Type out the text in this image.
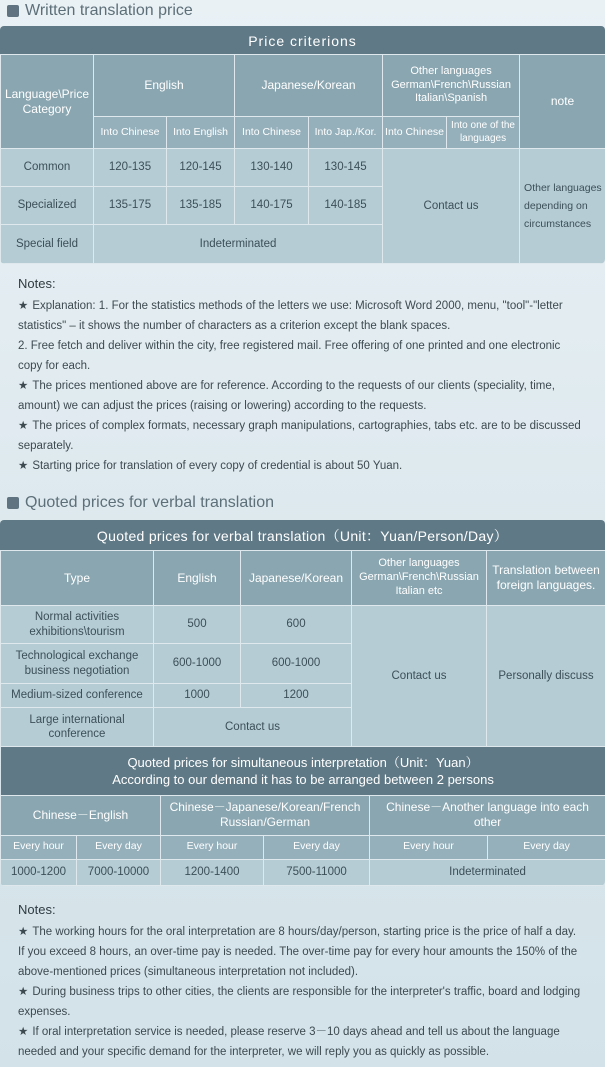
Written translation price
Price criterions
Language\Price Category	English		Japanese/Korean		Other languages German\French\Russian Italian\Spanish		note
	Into Chinese	Into English	Into Chinese	Into Jap./Kor.	Into Chinese	Into one of the languages	
Common	120-135	120-145	130-140	130-145	Contact us		Other languages depending on circumstances
Specialized	135-175	135-185	140-175	140-185			
Special field	Indeterminated						
Notes:

★ Explanation: 1. For the statistics methods of the letters we use: Microsoft Word 2000, menu, "tool"-"letter statistics" – it shows the number of characters as a criterion except the blank spaces.

2. Free fetch and deliver within the city, free registered mail. Free offering of one printed and one electronic copy for each.

★ The prices mentioned above are for reference. According to the requests of our clients (speciality, time, amount) we can adjust the prices (raising or lowering) according to the requests.

★ The prices of complex formats, necessary graph manipulations, cartographies, tabs etc. are to be discussed separately.

★ Starting price for translation of every copy of credential is about 50 Yuan.

Quoted prices for verbal translation
Quoted prices for verbal translation（Unit：Yuan/Person/Day）
Type	English	Japanese/Korean	Other languages German\French\Russian Italian etc	Translation between foreign languages.
Normal activities exhibitions\tourism	500	600	Contact us	Personally discuss
Technological exchange business negotiation	600-1000	600-1000		
Medium-sized conference	1000	1200		
Large international conference	Contact us			
Quoted prices for simultaneous interpretation（Unit：Yuan）
According to our demand it has to be arranged between 2 persons					

Chinese－English		Chinese－Japanese/Korean/French Russian/German		Chinese－Another language into each other	
Every hour	Every day	Every hour	Every day	Every hour	Every day
1000-1200	7000-10000	1200-1400	7500-11000	Indeterminated	
Notes:

★ The working hours for the oral interpretation are 8 hours/day/person, starting price is the price of half a day. If you exceed 8 hours, an over-time pay is needed. The over-time pay for every hour amounts the 150% of the above-mentioned prices (simultaneous interpretation not included).

★ During business trips to other cities, the clients are responsible for the interpreter's traffic, board and lodging expenses.

★ If oral interpretation service is needed, please reserve 3－10 days ahead and tell us about the language needed and your specific demand for the interpreter, we will reply you as quickly as possible.
